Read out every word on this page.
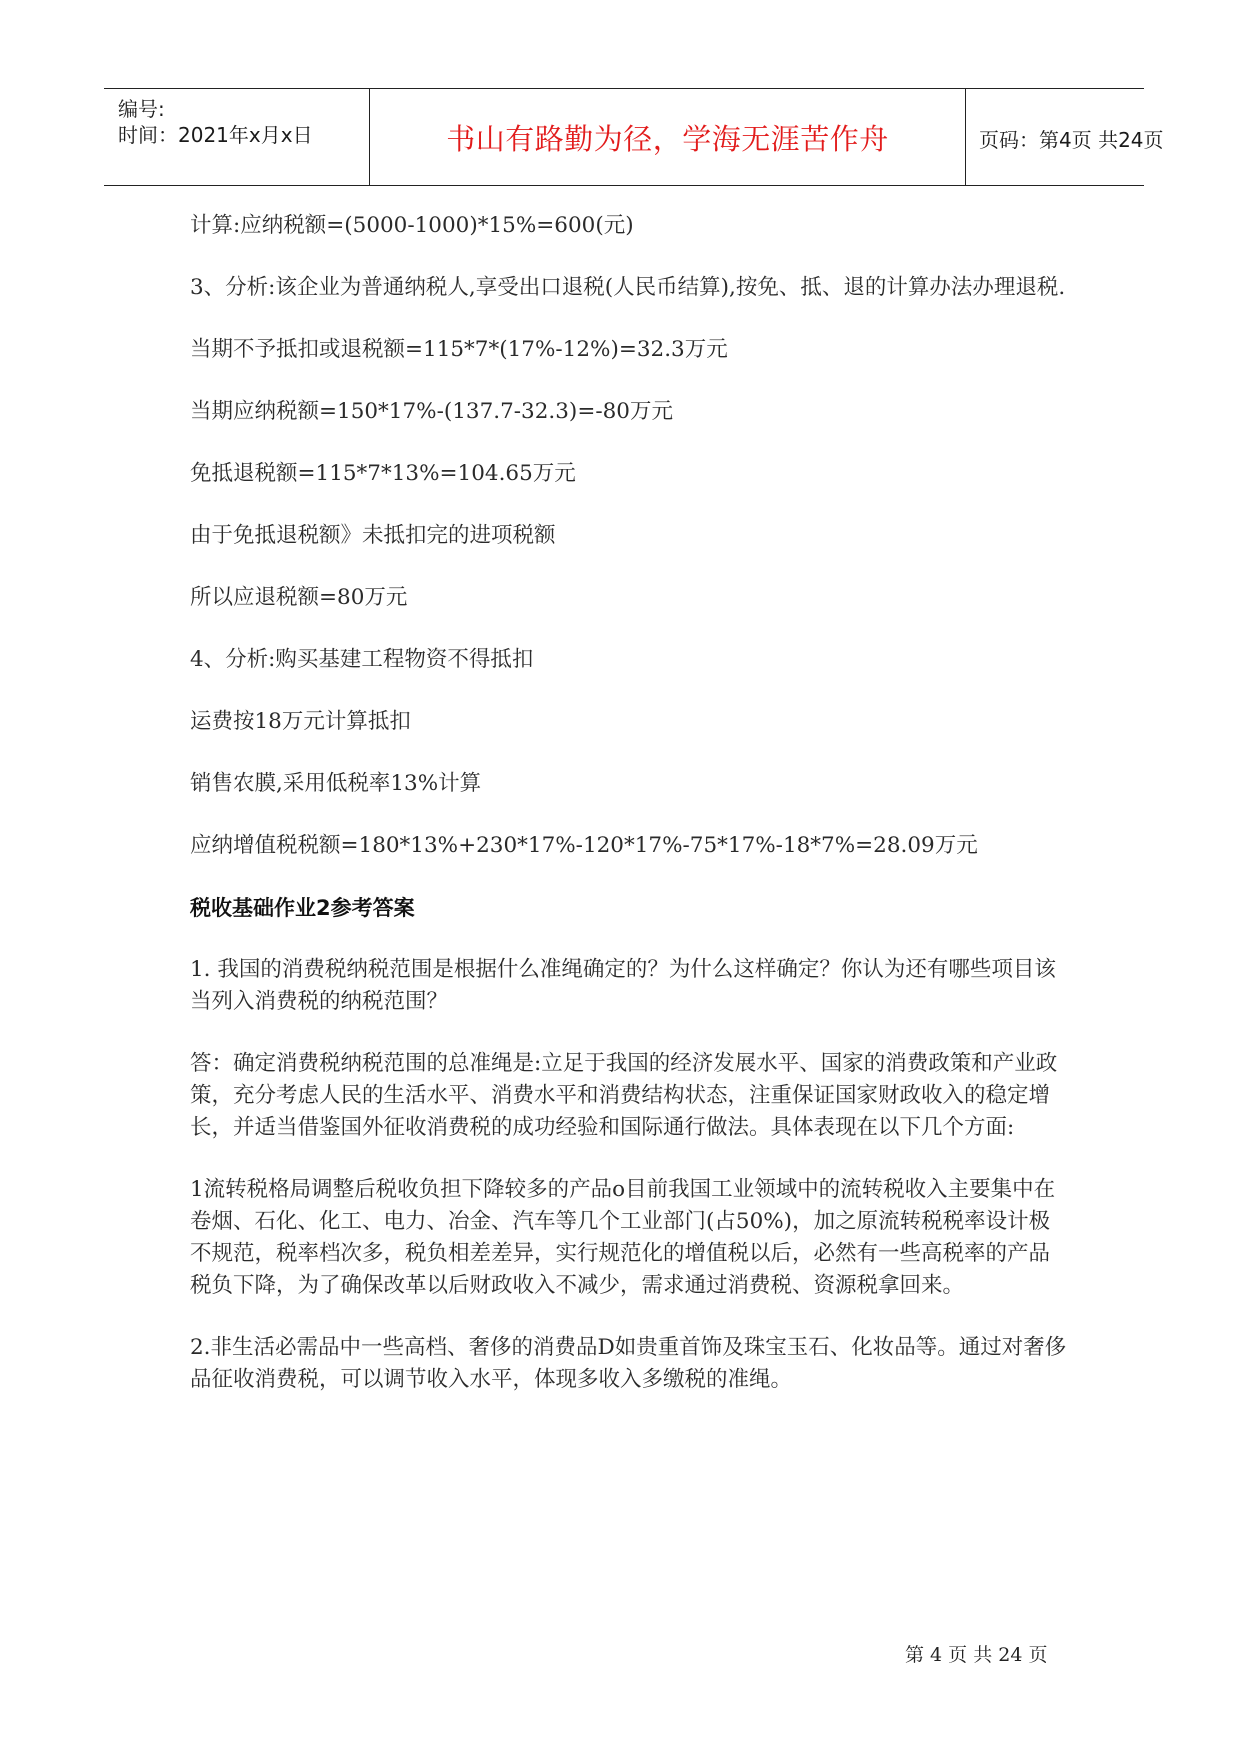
编号:
时间：2021年x月x日	书山有路勤为径，学海无涯苦作舟	页码：第4页 共24页

计算:应纳税额=(5000-1000)*15%=600(元)

3、分析:该企业为普通纳税人,享受出口退税(人民币结算),按免、抵、退的计算办法办理退税.

当期不予抵扣或退税额=115*7*(17%-12%)=32.3万元

当期应纳税额=150*17%-(137.7-32.3)=-80万元

免抵退税额=115*7*13%=104.65万元

由于免抵退税额》未抵扣完的进项税额

所以应退税额=80万元

4、分析:购买基建工程物资不得抵扣

运费按18万元计算抵扣

销售农膜,采用低税率13%计算

应纳增值税税额=180*13%+230*17%-120*17%-75*17%-18*7%=28.09万元

税收基础作业2参考答案

1. 我国的消费税纳税范围是根据什么准绳确定的？为什么这样确定？你认为还有哪些项目该当列入消费税的纳税范围？

答：确定消费税纳税范围的总准绳是:立足于我国的经济发展水平、国家的消费政策和产业政策，充分考虑人民的生活水平、消费水平和消费结构状态，注重保证国家财政收入的稳定增长，并适当借鉴国外征收消费税的成功经验和国际通行做法。具体表现在以下几个方面:

1流转税格局调整后税收负担下降较多的产品o目前我国工业领域中的流转税收入主要集中在卷烟、石化、化工、电力、冶金、汽车等几个工业部门(占50%)，加之原流转税税率设计极不规范，税率档次多，税负相差差异，实行规范化的增值税以后，必然有一些高税率的产品税负下降，为了确保改革以后财政收入不减少，需求通过消费税、资源税拿回来。

2.非生活必需品中一些高档、奢侈的消费品D如贵重首饰及珠宝玉石、化妆品等。通过对奢侈品征收消费税，可以调节收入水平，体现多收入多缴税的准绳。

第 4 页 共 24 页
